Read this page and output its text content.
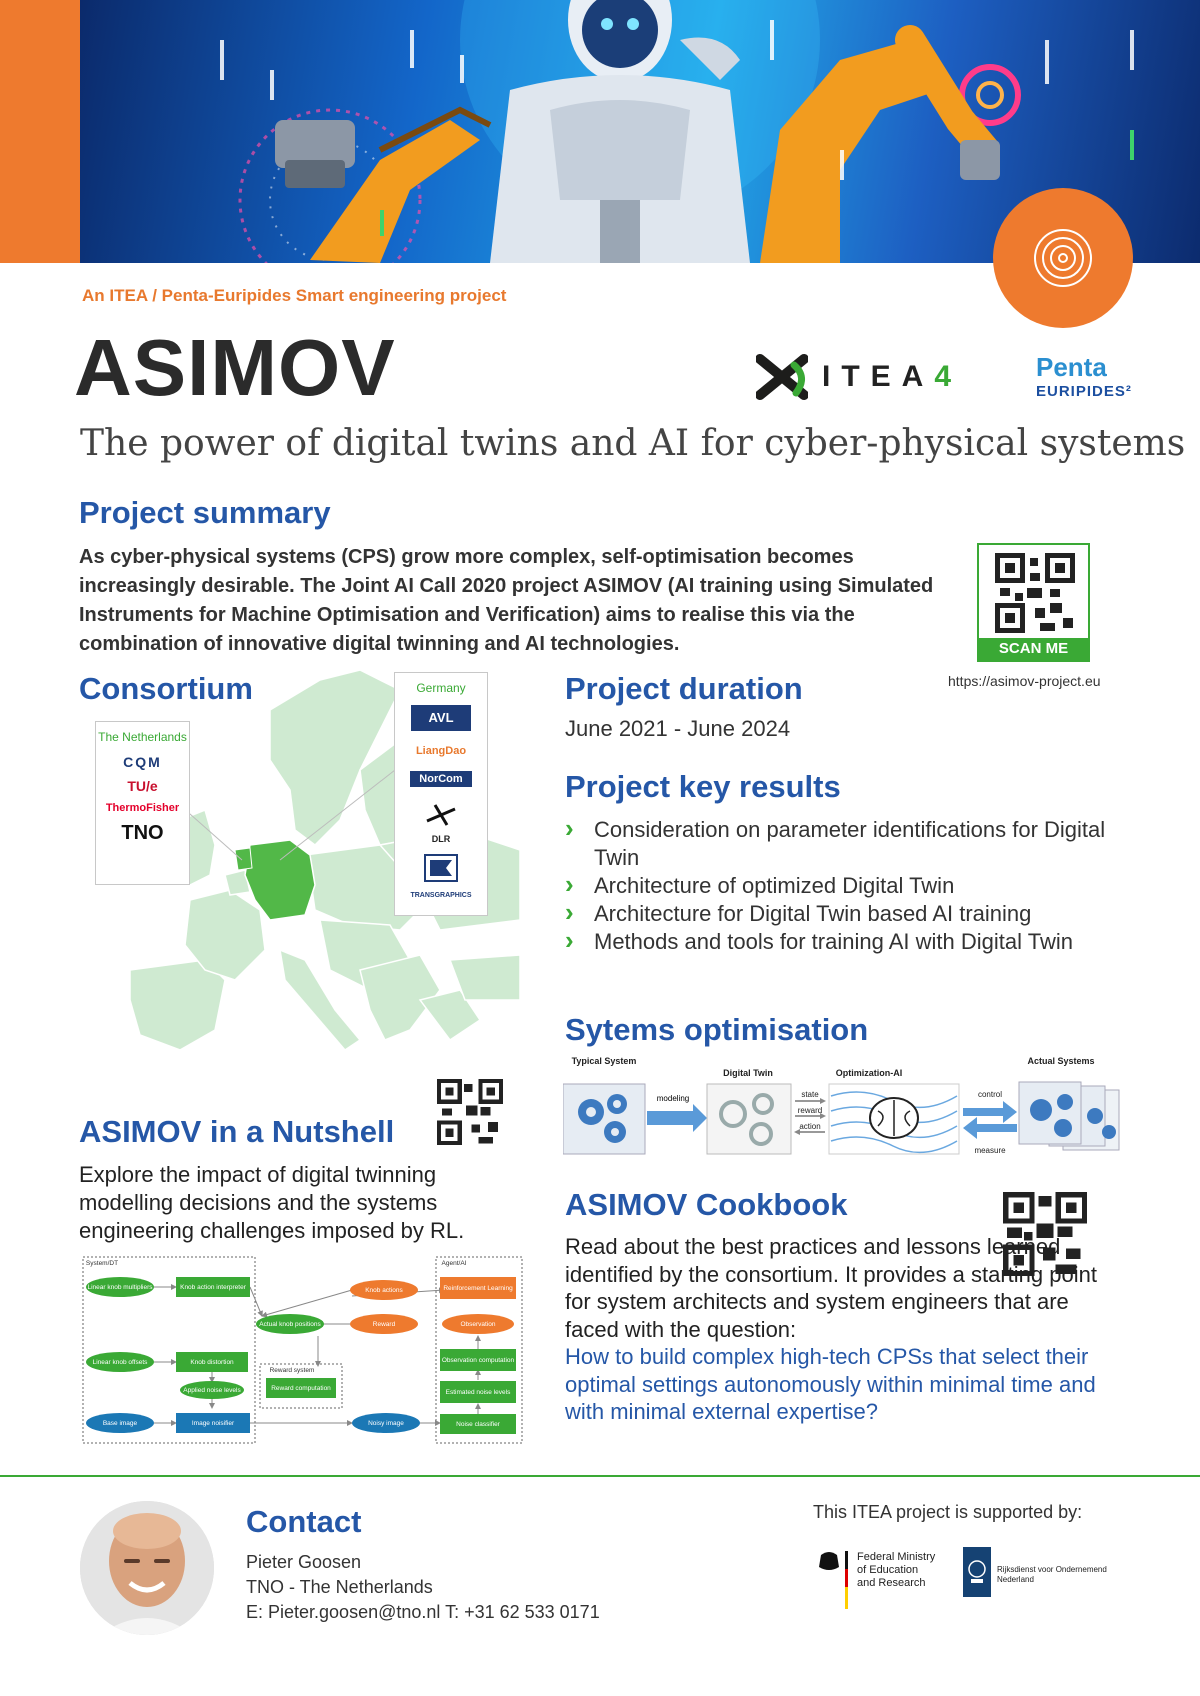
An ITEA / Penta-Euripides Smart engineering project
ASIMOV	ITEA4	Penta
EURIPIDES²
The power of digital twins and AI for cyber-physical systems
Project summary
As cyber-physical systems (CPS) grow more complex, self-optimisation becomes increasingly desirable. The Joint AI Call 2020 project ASIMOV (AI training using Simulated Instruments for Machine Optimisation and Verification) aims to realise this via the combination of innovative digital twinning and AI technologies.	SCAN ME
https://asimov-project.eu
Consortium
The Netherlands
CQM
TU/e
ThermoFisher
TNO
Germany
AVL
LiangDao
NorCom
DLR
TRANSGRAPHICS
ASIMOV in a Nutshell
Explore the impact of digital twinning modelling decisions and the systems engineering challenges imposed by RL.
System/DT	Agent/AI
Reward system
Linear knob multipliers	Knob action interpreter
Actual knob positions
Linear knob offsets	Knob distortion
Applied noise levels
Base image	Image noisifier
Reward computation
Noisy image
Knob actions
Reward
Reinforcement Learning
Observation
Observation computation
Estimated noise levels
Noise classifier
Project duration
June 2021 - June 2024
Project key results
› Consideration on parameter identifications for Digital Twin
› Architecture of optimized Digital Twin
› Architecture for Digital Twin based AI training
› Methods and tools for training AI with Digital Twin
Sytems optimisation
Typical System
Digital Twin	Optimization-AI
Actual Systems
modeling	state
reward
action
control
measure
ASIMOV Cookbook
Read about the best practices and lessons learned identified by the consortium. It provides a starting point for system architects and system engineers that are faced with the question:
How to build complex high-tech CPSs that select their optimal settings autonomously within minimal time and with minimal external expertise?
Contact
Pieter Goosen
TNO - The Netherlands
E: Pieter.goosen@tno.nl T: +31 62 533 0171
This ITEA project is supported by:
Federal Ministry
of Education
and Research
Rijksdienst voor Ondernemend
Nederland
